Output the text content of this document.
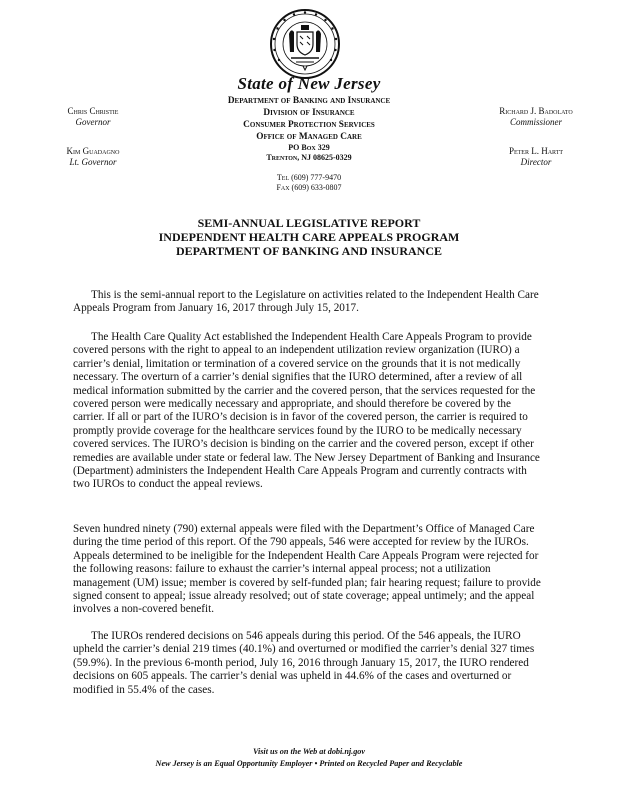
State of New Jersey
Department of Banking and Insurance
Division of Insurance
Consumer Protection Services
Office of Managed Care
PO Box 329
Trenton, NJ 08625-0329
Tel (609) 777-9470
Fax (609) 633-0807
Chris Christie
Governor
Kim Guadagno
Lt. Governor
Richard J. Badolato
Commissioner
Peter L. Hartt
Director
SEMI-ANNUAL LEGISLATIVE REPORT
INDEPENDENT HEALTH CARE APPEALS PROGRAM
DEPARTMENT OF BANKING AND INSURANCE

This is the semi-annual report to the Legislature on activities related to the Independent Health Care Appeals Program from January 16, 2017 through July 15, 2017.

The Health Care Quality Act established the Independent Health Care Appeals Program to provide covered persons with the right to appeal to an independent utilization review organization (IURO) a carrier’s denial, limitation or termination of a covered service on the grounds that it is not medically necessary. The overturn of a carrier’s denial signifies that the IURO determined, after a review of all medical information submitted by the carrier and the covered person, that the services requested for the covered person were medically necessary and appropriate, and should therefore be covered by the carrier. If all or part of the IURO’s decision is in favor of the covered person, the carrier is required to promptly provide coverage for the healthcare services found by the IURO to be medically necessary covered services. The IURO’s decision is binding on the carrier and the covered person, except if other remedies are available under state or federal law. The New Jersey Department of Banking and Insurance (Department) administers the Independent Health Care Appeals Program and currently contracts with two IUROs to conduct the appeal reviews.

Seven hundred ninety (790) external appeals were filed with the Department’s Office of Managed Care during the time period of this report. Of the 790 appeals, 546 were accepted for review by the IUROs. Appeals determined to be ineligible for the Independent Health Care Appeals Program were rejected for the following reasons: failure to exhaust the carrier’s internal appeal process; not a utilization management (UM) issue; member is covered by self-funded plan; fair hearing request; failure to provide signed consent to appeal; issue already resolved; out of state coverage; appeal untimely; and the appeal involves a non-covered benefit.

The IUROs rendered decisions on 546 appeals during this period. Of the 546 appeals, the IURO upheld the carrier’s denial 219 times (40.1%) and overturned or modified the carrier’s denial 327 times (59.9%). In the previous 6-month period, July 16, 2016 through January 15, 2017, the IURO rendered decisions on 605 appeals. The carrier’s denial was upheld in 44.6% of the cases and overturned or modified in 55.4% of the cases.

Visit us on the Web at dobi.nj.gov
New Jersey is an Equal Opportunity Employer • Printed on Recycled Paper and Recyclable
